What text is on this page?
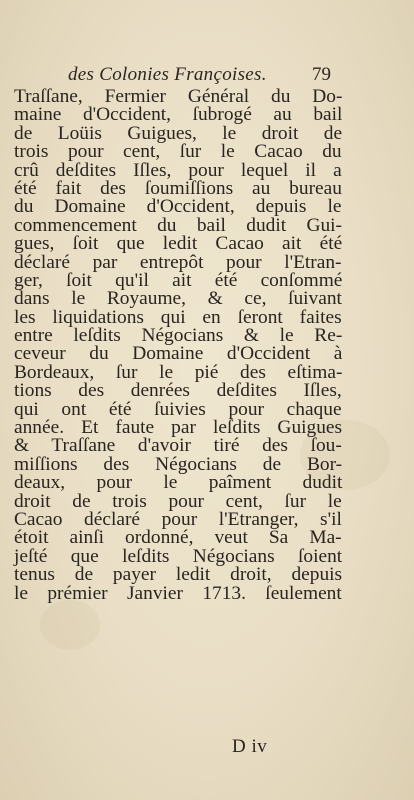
des Colonies Françoises. 79
Traſſane, Fermier Général du Do-
maine d'Occident, ſubrogé au bail
de Loüis Guigues, le droit de
trois pour cent, ſur le Cacao du
crû deſdites Iſles, pour lequel il a
été fait des ſoumiſſions au bureau
du Domaine d'Occident, depuis le
commencement du bail dudit Gui-
gues, ſoit que ledit Cacao ait été
déclaré par entrepôt pour l'Etran-
ger, ſoit qu'il ait été conſommé
dans le Royaume, & ce, ſuivant
les liquidations qui en ſeront faites
entre leſdits Négocians & le Re-
ceveur du Domaine d'Occident à
Bordeaux, ſur le pié des eſtima-
tions des denrées deſdites Iſles,
qui ont été ſuivies pour chaque
année. Et faute par leſdits Guigues
& Traſſane d'avoir tiré des ſou-
miſſions des Négocians de Bor-
deaux, pour le paîment dudit
droit de trois pour cent, ſur le
Cacao déclaré pour l'Etranger, s'il
étoit ainſi ordonné, veut Sa Ma-
jeſté que leſdits Négocians ſoient
tenus de payer ledit droit, depuis
le prémier Janvier 1713. ſeulement
D iv
